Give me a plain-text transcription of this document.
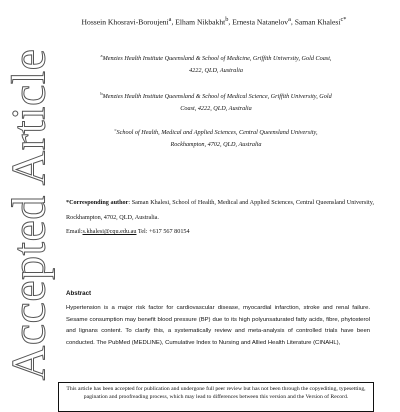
Accepted Article
Hossein Khosravi-Boroujeni$^a$, Elham Nikbakht$^b$, Ernesta Natanelov$^a$, Saman Khalesi$^{c*}$
$^a$Menzies Health Institute Queensland & School of Medicine, Griffith University, Gold Coast,
4222, QLD, Australia
$^b$Menzies Health Institute Queensland & School of Medical Science, Griffith University, Gold
Coast, 4222, QLD, Australia
$^c$School of Health, Medical and Applied Sciences, Central Queensland University,
Rockhampton, 4702, QLD, Australia
*Corresponding author: Saman Khalesi, School of Health, Medical and Applied Sciences, Central Queensland University, Rockhampton, 4702, QLD, Australia.
Email:s.khalesi@cqu.edu.au Tel: +617 567 80154
Abstract
Hypertension is a major risk factor for cardiovascular disease, myocardial infarction, stroke and renal failure. Sesame consumption may benefit blood pressure (BP) due to its high polyunsaturated fatty acids, fibre, phytosterol and lignans content. To clarify this, a systematically review and meta-analysis of controlled trials have been conducted. The PubMed (MEDLINE), Cumulative Index to Nursing and Allied Health Literature (CINAHL),
This article has been accepted for publication and undergone full peer review but has not been through the copyediting, typesetting, pagination and proofreading process, which may lead to differences between this version and the Version of Record.
